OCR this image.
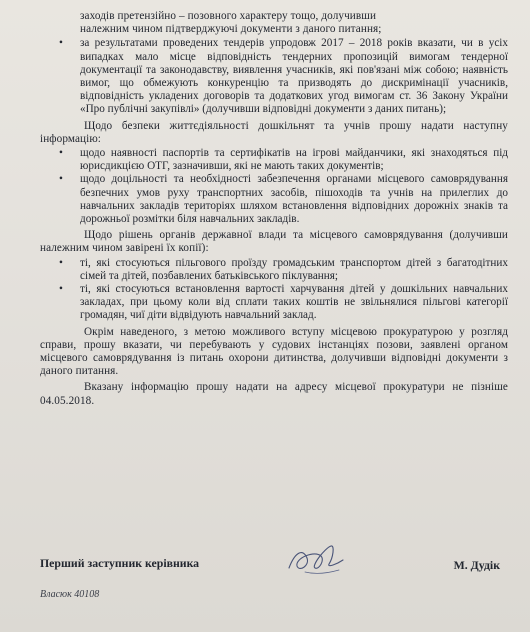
заходів претензійно – позовного характеру тощо, долучивши

належним чином підтверджуючі документи з даного питання;

•	за результатами проведених тендерів упродовж 2017 – 2018 років вказати, чи в усіх випадках мало місце відповідність тендерних пропозицій вимогам тендерної документації та законодавству, виявлення учасників, які пов'язані між собою; наявність вимог, що обмежують конкуренцію та призводять до дискримінації учасників, відповідність укладених договорів та додаткових угод вимогам ст. 36 Закону України «Про публічні закупівлі» (долучивши відповідні документи з даних питань);

Щодо безпеки життєдіяльності дошкільнят та учнів прошу надати наступну інформацію:

•	щодо наявності паспортів та сертифікатів на ігрові майданчики, які знаходяться під юрисдикцією ОТГ, зазначивши, які не мають таких документів;
•	щодо доцільності та необхідності забезпечення органами місцевого самоврядування безпечних умов руху транспортних засобів, пішоходів та учнів на прилеглих до навчальних закладів територіях шляхом встановлення відповідних дорожніх знаків та дорожньої розмітки біля навчальних закладів.

Щодо рішень органів державної влади та місцевого самоврядування (долучивши належним чином завірені їх копії):

•	ті, які стосуються пільгового проїзду громадським транспортом дітей з багатодітних сімей та дітей, позбавлених батьківського піклування;
•	ті, які стосуються встановлення вартості харчування дітей у дошкільних навчальних закладах, при цьому коли від сплати таких коштів не звільнялися пільгові категорії громадян, чиї діти відвідують навчальний заклад.

Окрім наведеного, з метою можливого вступу місцевою прокуратурою у розгляд справи, прошу вказати, чи перебувають у судових інстанціях позови, заявлені органом місцевого самоврядування із питань охорони дитинства, долучивши відповідні документи з даного питання.

Вказану інформацію прошу надати на адресу місцевої прокуратури не пізніше 04.05.2018.

Перший заступник керівника	М. Дудік
Власюк 40108
